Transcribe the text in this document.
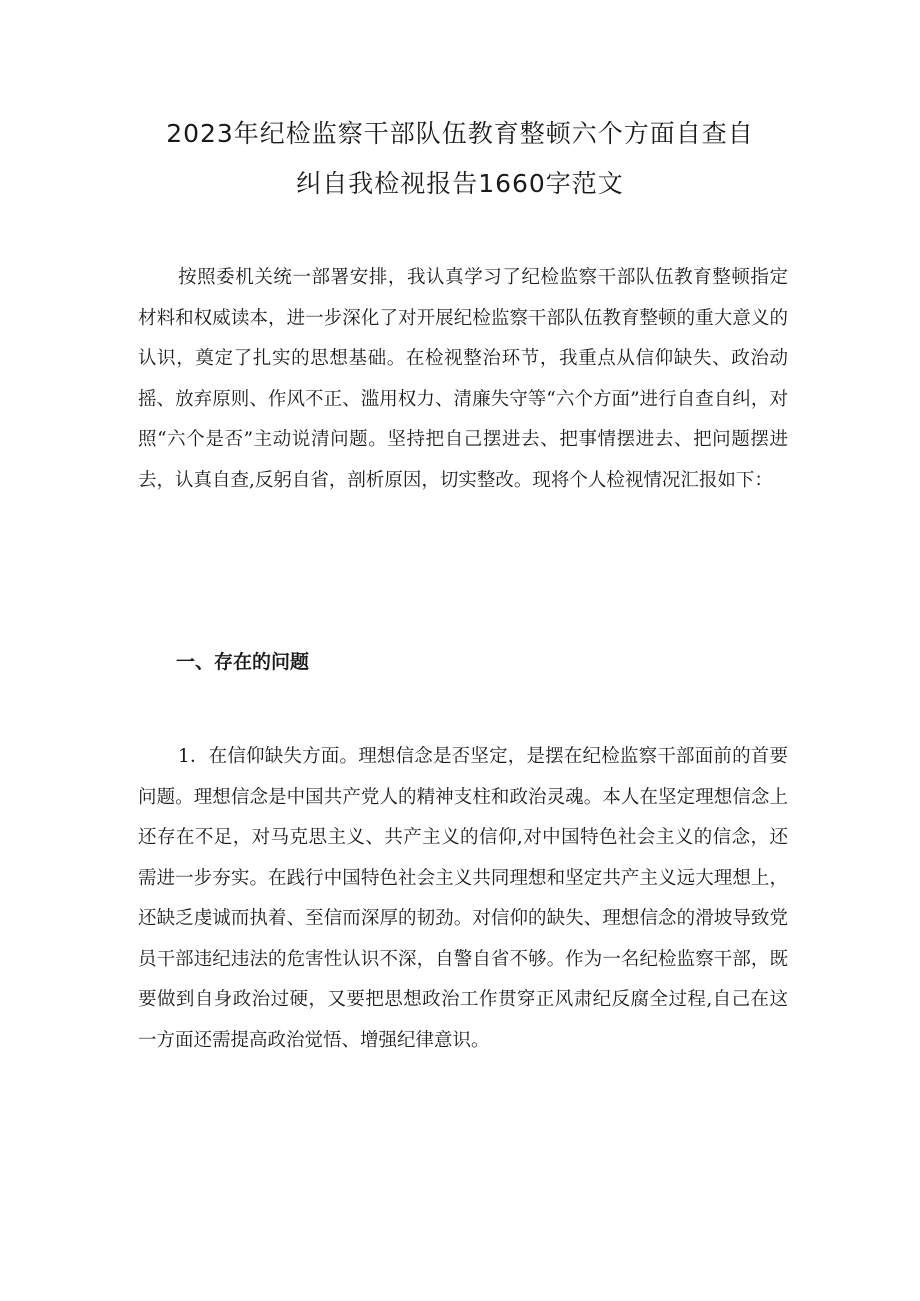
2023年纪检监察干部队伍教育整顿六个方面自查自
纠自我检视报告1660字范文

按照委机关统一部署安排，我认真学习了纪检监察干部队伍教育整顿指定材料和权威读本，进一步深化了对开展纪检监察干部队伍教育整顿的重大意义的认识，奠定了扎实的思想基础。在检视整治环节，我重点从信仰缺失、政治动摇、放弃原则、作风不正、滥用权力、清廉失守等“六个方面”进行自查自纠，对照“六个是否”主动说清问题。坚持把自己摆进去、把事情摆进去、把问题摆进去，认真自查,反躬自省，剖析原因，切实整改。现将个人检视情况汇报如下：

一、存在的问题

1．在信仰缺失方面。理想信念是否坚定，是摆在纪检监察干部面前的首要问题。理想信念是中国共产党人的精神支柱和政治灵魂。本人在坚定理想信念上还存在不足，对马克思主义、共产主义的信仰,对中国特色社会主义的信念，还需进一步夯实。在践行中国特色社会主义共同理想和坚定共产主义远大理想上，还缺乏虔诚而执着、至信而深厚的韧劲。对信仰的缺失、理想信念的滑坡导致党员干部违纪违法的危害性认识不深，自警自省不够。作为一名纪检监察干部，既要做到自身政治过硬，又要把思想政治工作贯穿正风肃纪反腐全过程,自己在这一方面还需提高政治觉悟、增强纪律意识。
